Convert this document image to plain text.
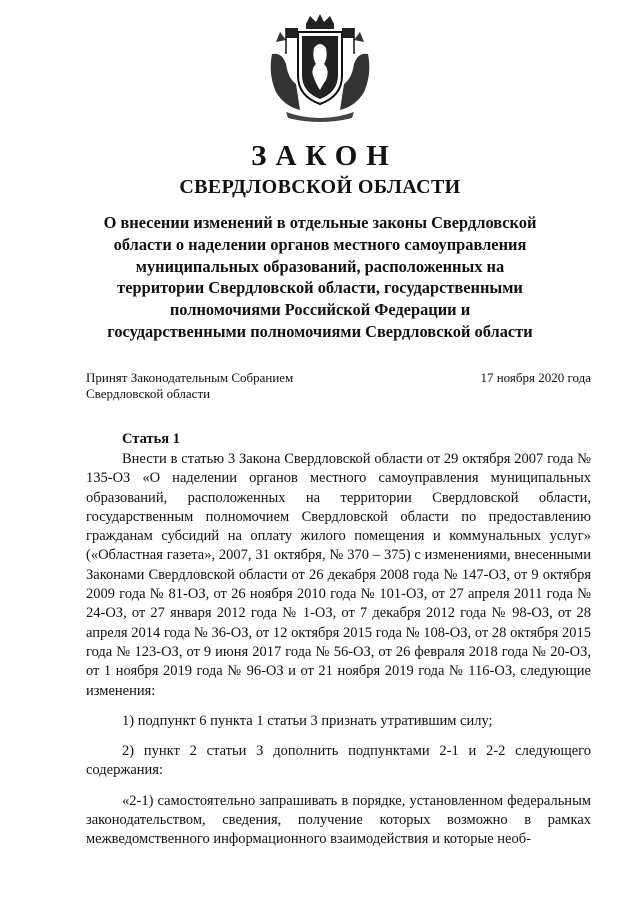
ЗАКОН
СВЕРДЛОВСКОЙ ОБЛАСТИ
О внесении изменений в отдельные законы Свердловской области о наделении органов местного самоуправления муниципальных образований, расположенных на территории Свердловской области, государственными полномочиями Российской Федерации и государственными полномочиями Свердловской области
Принят Законодательным Собранием
Свердловской области
17 ноября 2020 года
Статья 1

Внести в статью 3 Закона Свердловской области от 29 октября 2007 года № 135-ОЗ «О наделении органов местного самоуправления муниципальных образований, расположенных на территории Свердловской области, государственным полномочием Свердловской области по предоставлению гражданам субсидий на оплату жилого помещения и коммунальных услуг» («Областная газета», 2007, 31 октября, № 370 – 375) с изменениями, внесенными Законами Свердловской области от 26 декабря 2008 года № 147-ОЗ, от 9 октября 2009 года № 81-ОЗ, от 26 ноября 2010 года № 101-ОЗ, от 27 апреля 2011 года № 24-ОЗ, от 27 января 2012 года № 1-ОЗ, от 7 декабря 2012 года № 98-ОЗ, от 28 апреля 2014 года № 36-ОЗ, от 12 октября 2015 года № 108-ОЗ, от 28 октября 2015 года № 123-ОЗ, от 9 июня 2017 года № 56-ОЗ, от 26 февраля 2018 года № 20-ОЗ, от 1 ноября 2019 года № 96-ОЗ и от 21 ноября 2019 года № 116-ОЗ, следующие изменения:

1) подпункт 6 пункта 1 статьи 3 признать утратившим силу;

2) пункт 2 статьи 3 дополнить подпунктами 2-1 и 2-2 следующего содержания:

«2-1) самостоятельно запрашивать в порядке, установленном федеральным законодательством, сведения, получение которых возможно в рамках межведомственного информационного взаимодействия и которые необ-
